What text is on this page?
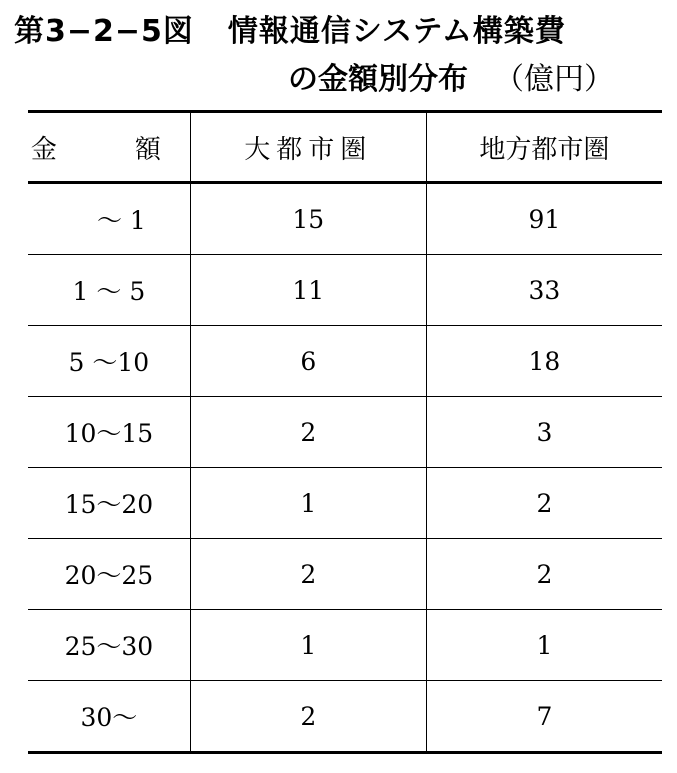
第3−2−5図 情報通信システム構築費
の金額別分布 （億円）
金　額	大都市圏	地方都市圏
　〜 1	15	91
1 〜 5	11	33
5 〜10	6	18
10〜15	2	3
15〜20	1	2
20〜25	2	2
25〜30	1	1
30〜	2	7
